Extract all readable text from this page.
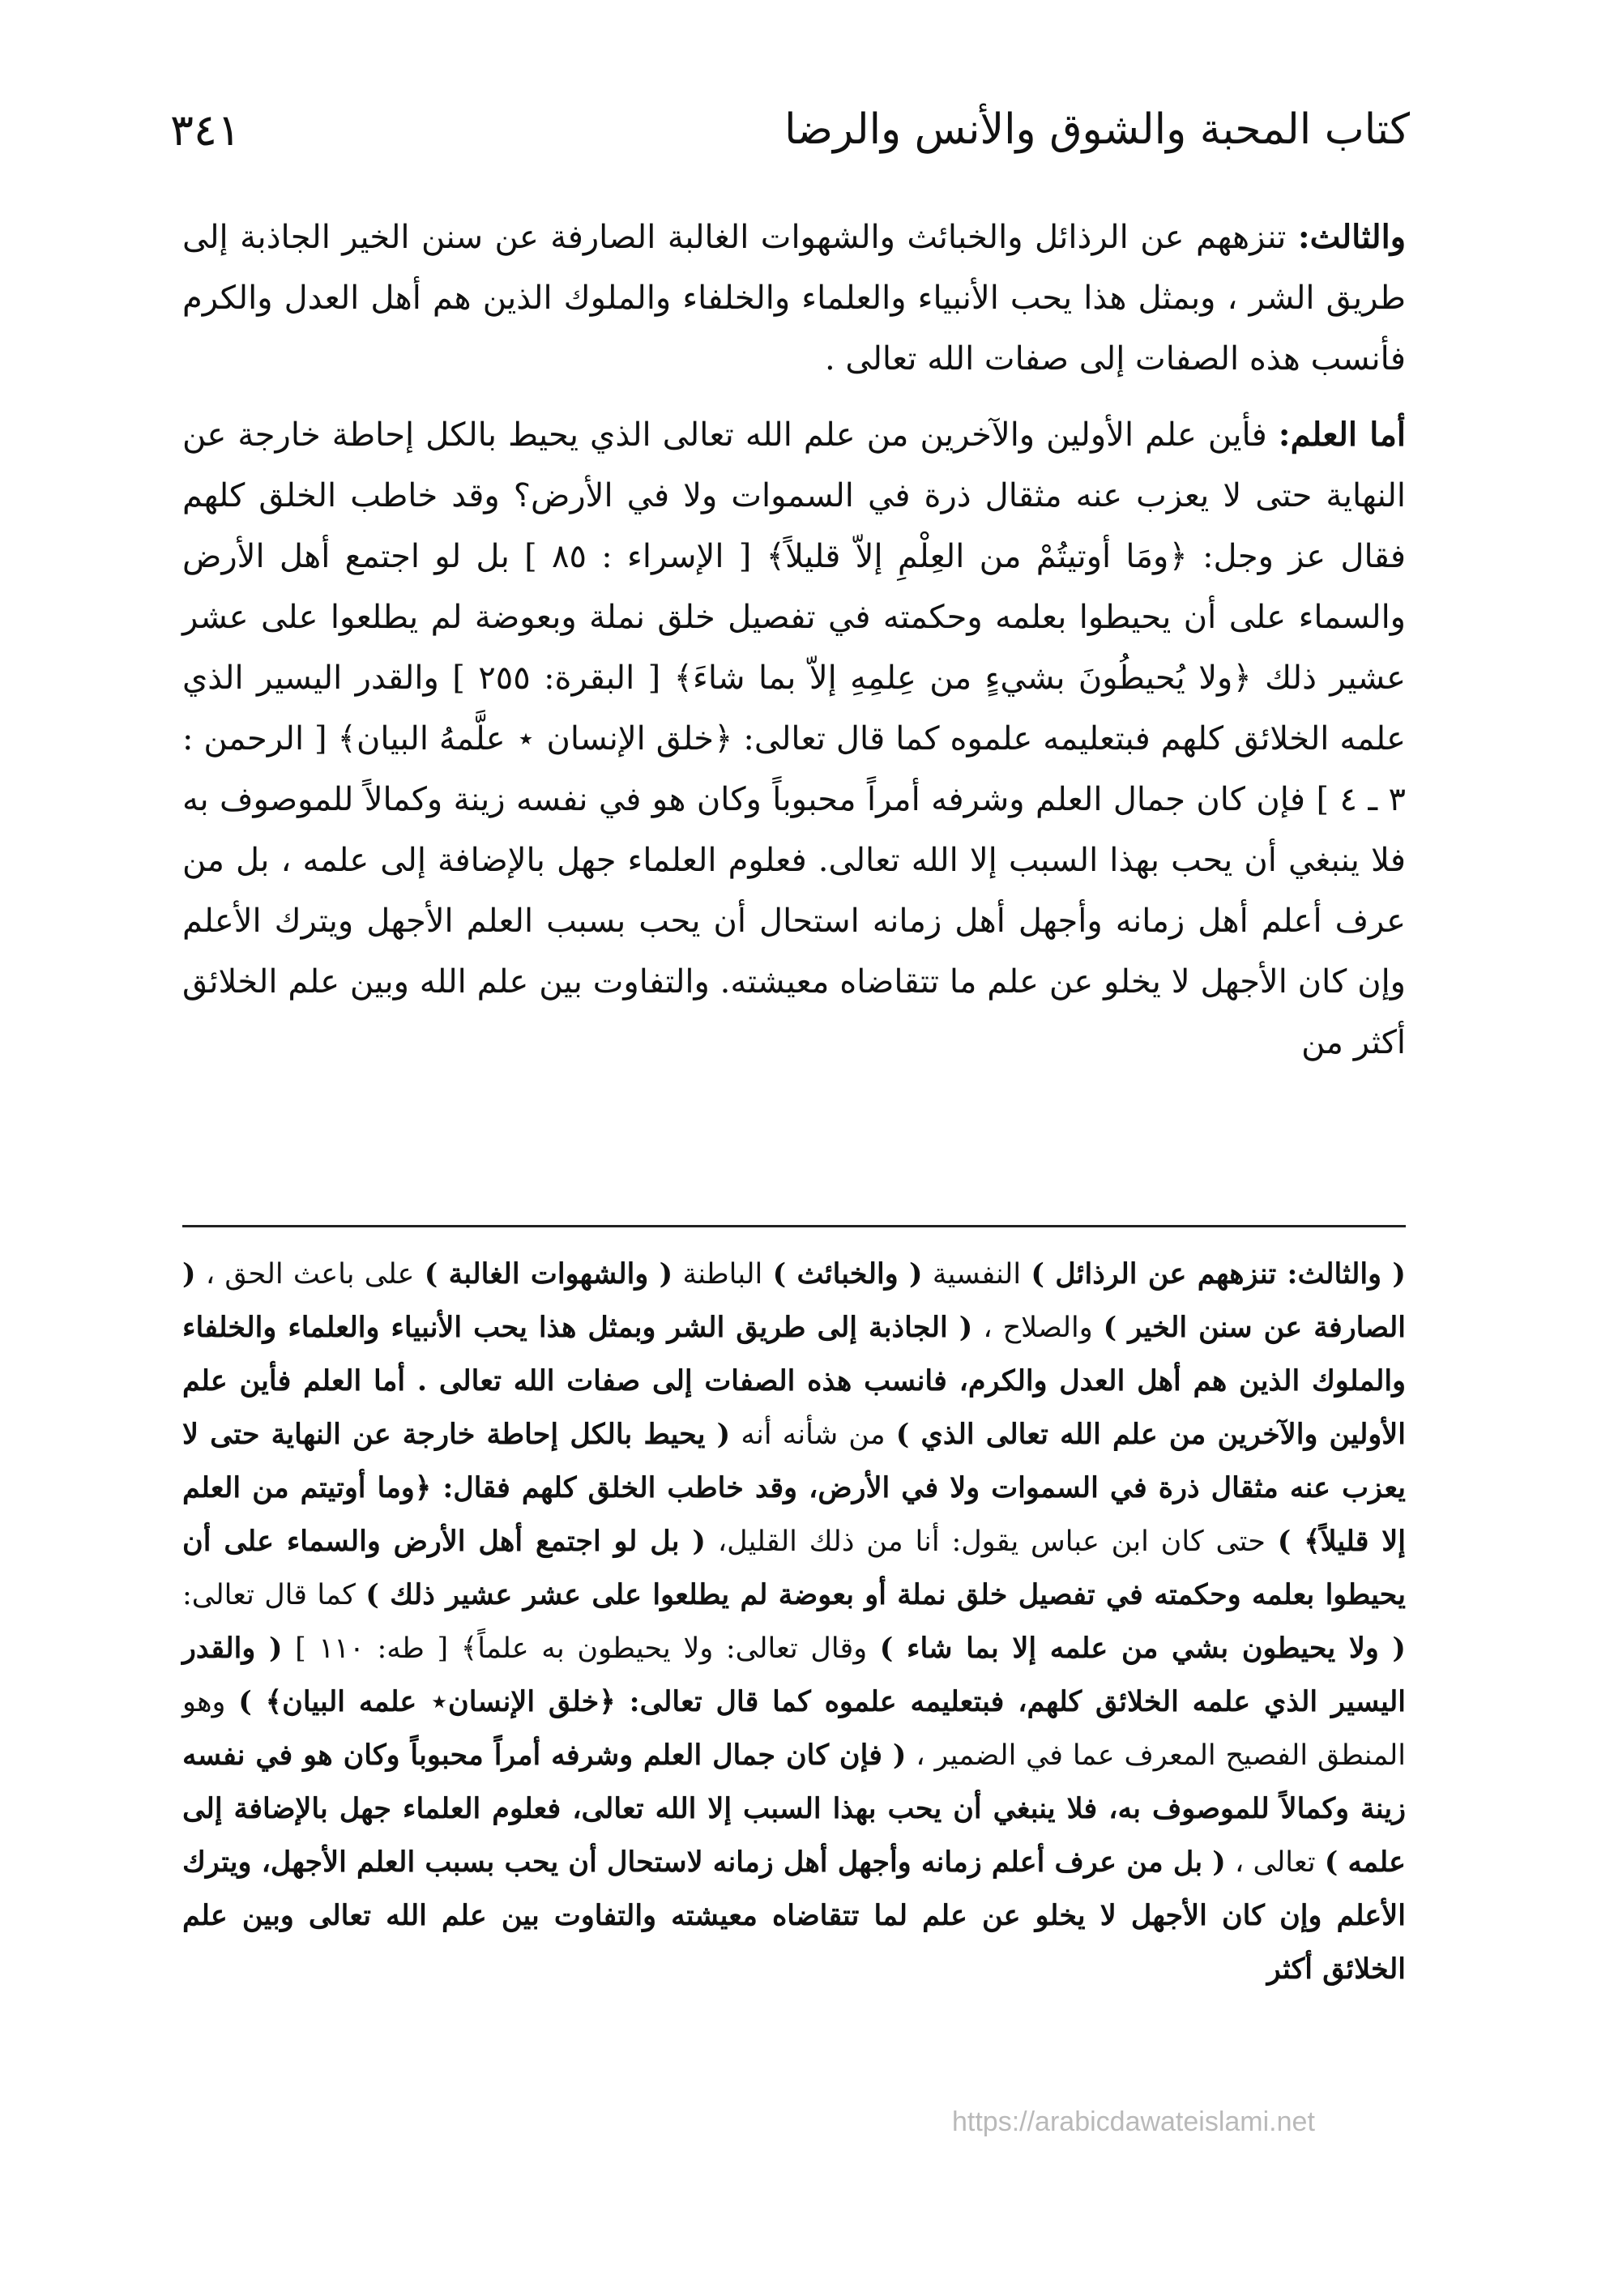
كتاب المحبة والشوق والأنس والرضا
٣٤١

والثالث: تنزههم عن الرذائل والخبائث والشهوات الغالبة الصارفة عن سنن الخير الجاذبة إلى طريق الشر ، وبمثل هذا يحب الأنبياء والعلماء والخلفاء والملوك الذين هم أهل العدل والكرم فأنسب هذه الصفات إلى صفات الله تعالى .

أما العلم: فأين علم الأولين والآخرين من علم الله تعالى الذي يحيط بالكل إحاطة خارجة عن النهاية حتى لا يعزب عنه مثقال ذرة في السموات ولا في الأرض؟ وقد خاطب الخلق كلهم فقال عز وجل: ﴿ومَا أوتيتُمْ من العِلْمِ إلاّ قليلاً﴾ [ الإسراء : ٨٥ ] بل لو اجتمع أهل الأرض والسماء على أن يحيطوا بعلمه وحكمته في تفصيل خلق نملة وبعوضة لم يطلعوا على عشر عشير ذلك ﴿ولا يُحيطُونَ بشيءٍ من عِلمِهِ إلاّ بما شاءَ﴾ [ البقرة: ٢٥٥ ] والقدر اليسير الذي علمه الخلائق كلهم فبتعليمه علموه كما قال تعالى: ﴿خلق الإنسان ⋆ علَّمهُ البيان﴾ [ الرحمن : ٣ ـ ٤ ] فإن كان جمال العلم وشرفه أمراً محبوباً وكان هو في نفسه زينة وكمالاً للموصوف به فلا ينبغي أن يحب بهذا السبب إلا الله تعالى. فعلوم العلماء جهل بالإضافة إلى علمه ، بل من عرف أعلم أهل زمانه وأجهل أهل زمانه استحال أن يحب بسبب العلم الأجهل ويترك الأعلم وإن كان الأجهل لا يخلو عن علم ما تتقاضاه معيشته. والتفاوت بين علم الله وبين علم الخلائق أكثر من

( والثالث: تنزههم عن الرذائل ) النفسية ( والخبائث ) الباطنة ( والشهوات الغالبة ) على باعث الحق ، ( الصارفة عن سنن الخير ) والصلاح ، ( الجاذبة إلى طريق الشر وبمثل هذا يحب الأنبياء والعلماء والخلفاء والملوك الذين هم أهل العدل والكرم، فانسب هذه الصفات إلى صفات الله تعالى . أما العلم فأين علم الأولين والآخرين من علم الله تعالى الذي ) من شأنه أنه ( يحيط بالكل إحاطة خارجة عن النهاية حتى لا يعزب عنه مثقال ذرة في السموات ولا في الأرض، وقد خاطب الخلق كلهم فقال: ﴿وما أوتيتم من العلم إلا قليلاً﴾ ) حتى كان ابن عباس يقول: أنا من ذلك القليل، ( بل لو اجتمع أهل الأرض والسماء على أن يحيطوا بعلمه وحكمته في تفصيل خلق نملة أو بعوضة لم يطلعوا على عشر عشير ذلك ) كما قال تعالى: ( ولا يحيطون بشي من علمه إلا بما شاء ) وقال تعالى: ولا يحيطون به علماً﴾ [ طه: ١١٠ ] ( والقدر اليسير الذي علمه الخلائق كلهم، فبتعليمه علموه كما قال تعالى: ﴿خلق الإنسان⋆ علمه البيان﴾ ) وهو المنطق الفصيح المعرف عما في الضمير ، ( فإن كان جمال العلم وشرفه أمراً محبوباً وكان هو في نفسه زينة وكمالاً للموصوف به، فلا ينبغي أن يحب بهذا السبب إلا الله تعالى، فعلوم العلماء جهل بالإضافة إلى علمه ) تعالى ، ( بل من عرف أعلم زمانه وأجهل أهل زمانه لاستحال أن يحب بسبب العلم الأجهل، ويترك الأعلم وإن كان الأجهل لا يخلو عن علم لما تتقاضاه معيشته والتفاوت بين علم الله تعالى وبين علم الخلائق أكثر

https://arabicdawateislami.net
